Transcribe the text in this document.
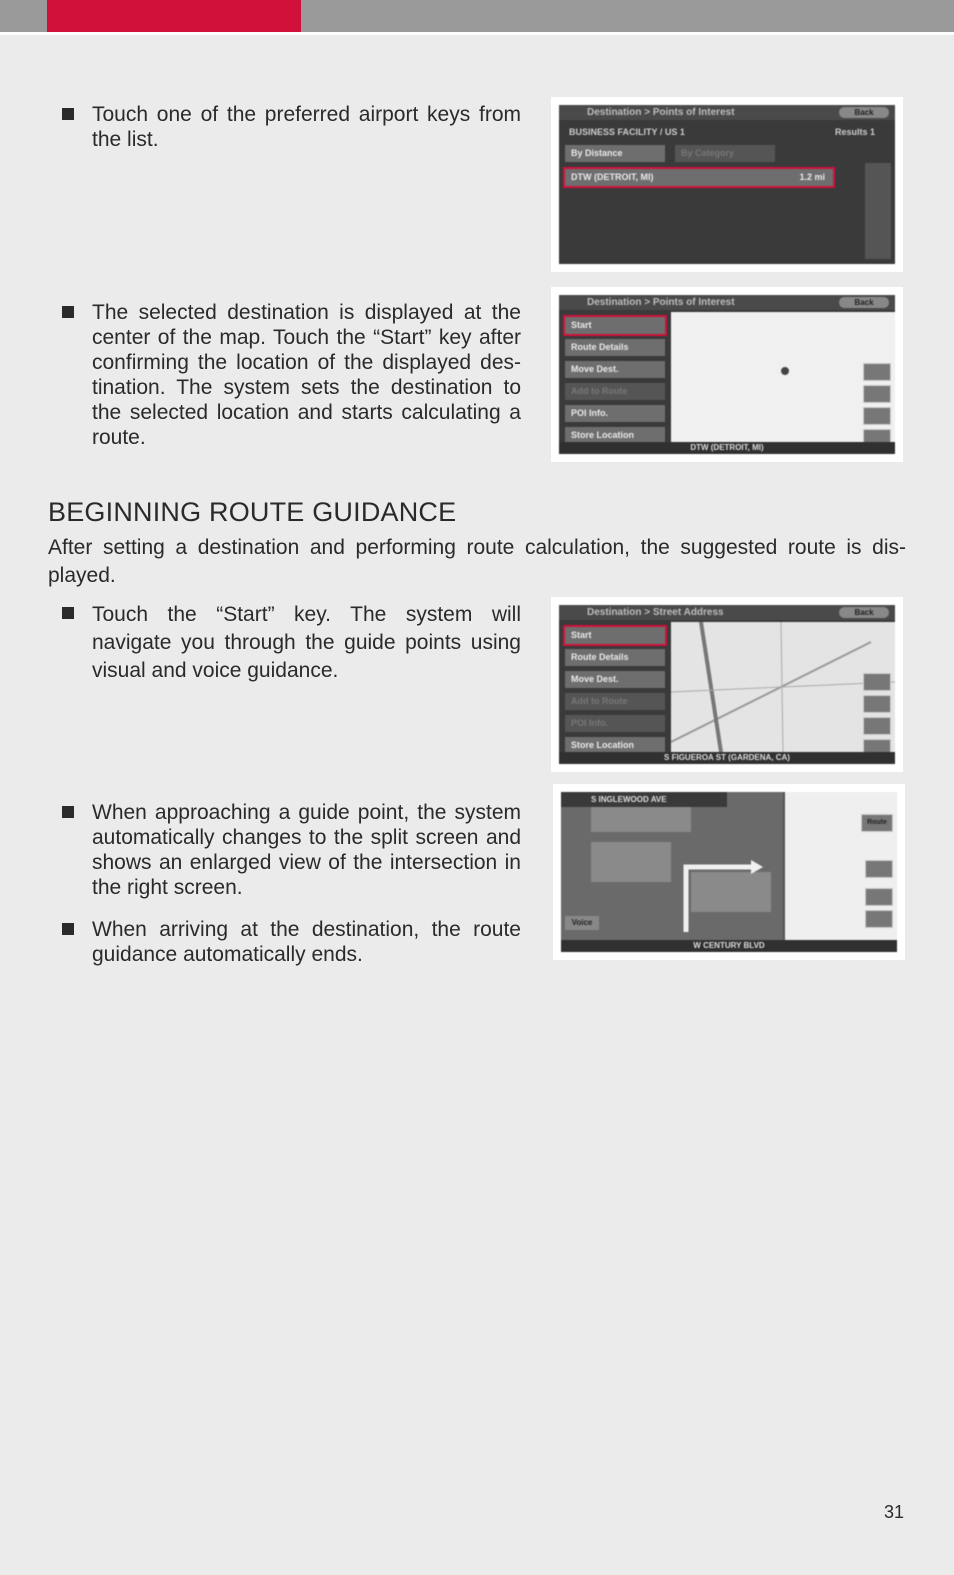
Touch one of the preferred airport keys from the list.
Destination > Points of Interest	Back
BUSINESS FACILITY / US 1	Results 1
By Distance	By Category
DTW (DETROIT, MI)	1.2 mi
The selected destination is displayed at the center of the map. Touch the “Start” key after confirming the location of the displayed des- tination. The system sets the destination to the selected location and starts calculating a route.
Destination > Points of Interest	Back
Start
Route Details
Move Dest.
Add to Route
POI Info.
Store Location
DTW (DETROIT, MI)
BEGINNING ROUTE GUIDANCE
After setting a destination and performing route calculation, the suggested route is dis- played.
Touch the “Start” key. The system will navigate you through the guide points using visual and voice guidance.
Destination > Street Address	Back
Start
Route Details
Move Dest.
Add to Route
POI Info.
Store Location
S FIGUEROA ST (GARDENA, CA)
When approaching a guide point, the system automatically changes to the split screen and shows an enlarged view of the intersection in the right screen.
When arriving at the destination, the route guidance automatically ends.
S INGLEWOOD AVE
Voice
Route
W CENTURY BLVD
31
